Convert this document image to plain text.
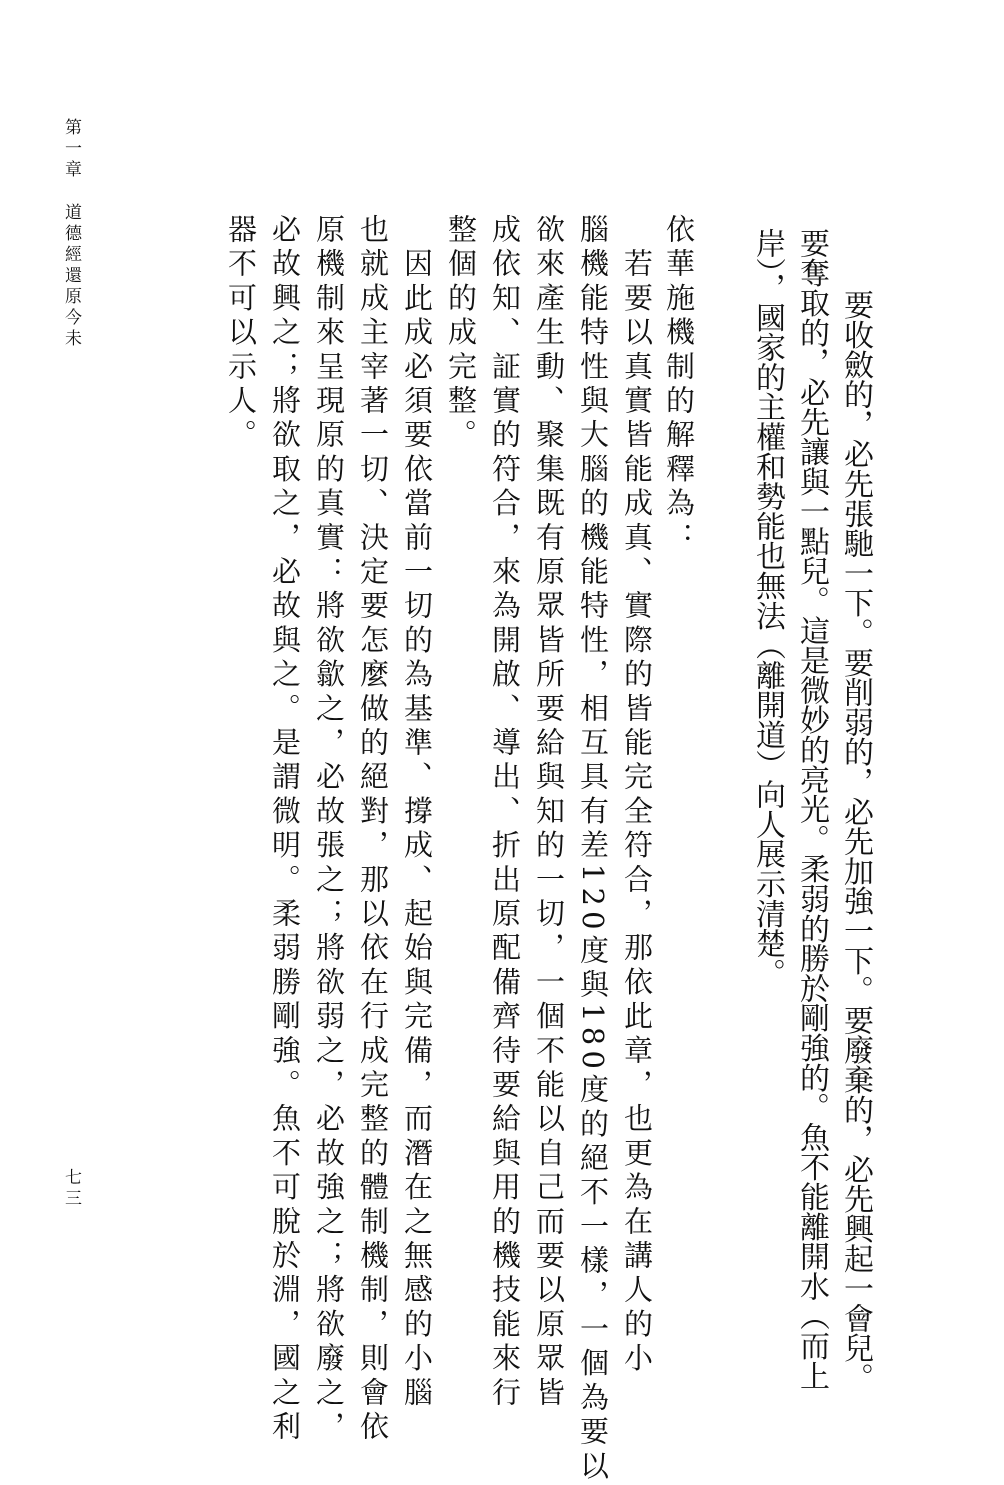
第一章
道德經還原今未
七三	　要收斂的，必先張馳一下。要削弱的，必先加強一下。要廢棄的，必先興起一會兒。
要奪取的，必先讓與一點兒。這是微妙的亮光。柔弱的勝於剛強的。魚不能離開水（而上
岸），國家的主權和勢能也無法（離開道）向人展示清楚。
依華施機制的解釋為：
　若要以真實皆能成真、實際的皆能完全符合，那依此章，也更為在講人的小
腦機能特性與大腦的機能特性，相互具有差120度與180度的絕不一樣，一個為要以
欲來產生動、聚集既有原眾皆所要給與知的一切，一個不能以自己而要以原眾皆
成依知、証實的符合，來為開啟、導出、折出原配備齊待要給與用的機技能來行
整個的成完整。
　因此成必須要依當前一切的為基準、撐成、起始與完備，而潛在之無感的小腦
也就成主宰著一切、決定要怎麼做的絕對，那以依在行成完整的體制機制，則會依
原機制來呈現原的真實：將欲歙之，必故張之；將欲弱之，必故強之；將欲廢之，
必故興之；將欲取之，必故與之。是謂微明。柔弱勝剛強。魚不可脫於淵，國之利
器不可以示人。
